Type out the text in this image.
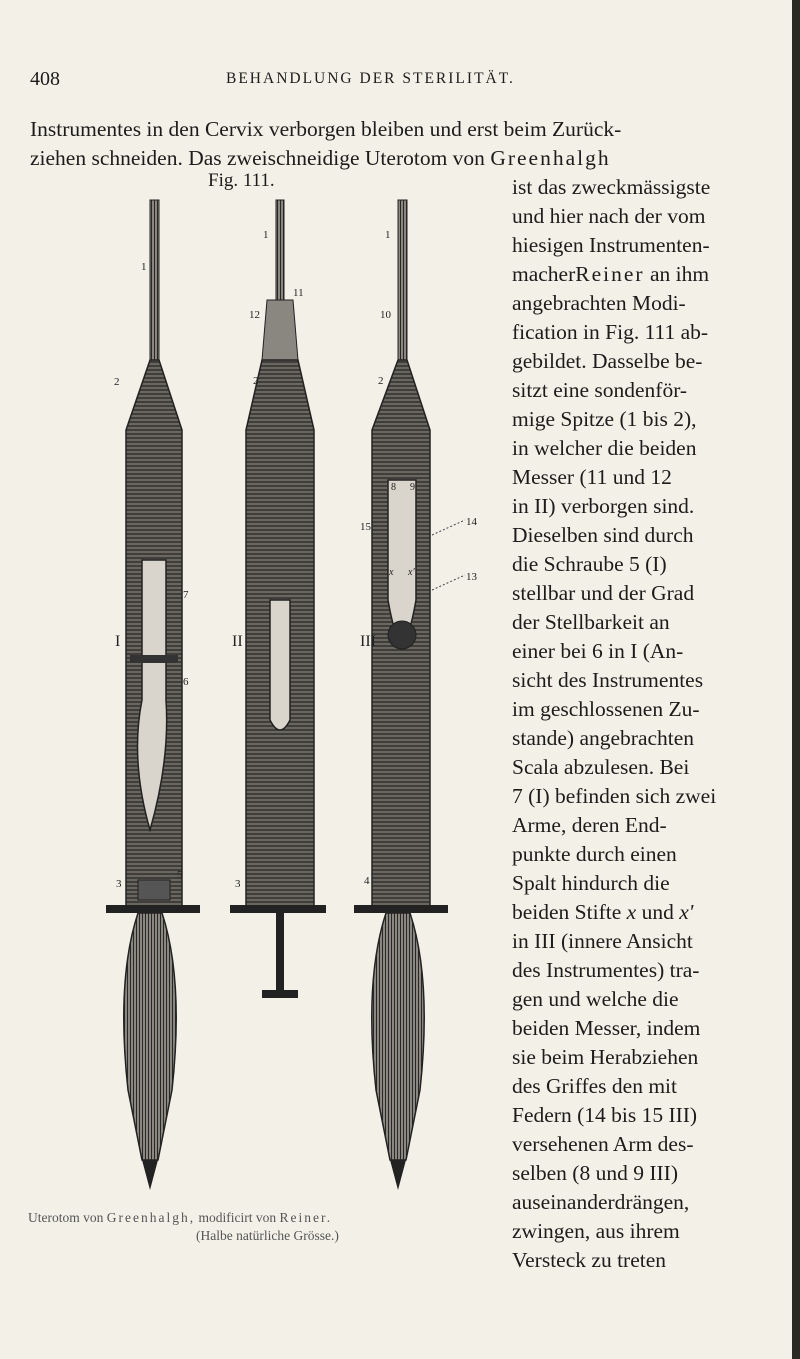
408	BEHANDLUNG DER STERILITÄT.
Instrumentes in den Cervix verborgen bleiben und erst beim Zurück-
ziehen schneiden. Das zweischneidige Uterotom von Greenhalgh
Fig. 111.	ist das zweckmässigste
und hier nach der vom
hiesigen Instrumenten-
macherReiner an ihm
angebrachten Modi-
fication in Fig. 111 ab-
gebildet. Dasselbe be-
sitzt eine sondenför-
mige Spitze (1 bis 2),
in welcher die beiden
Messer (11 und 12
in II) verborgen sind.
Dieselben sind durch
die Schraube 5 (I)
stellbar und der Grad
der Stellbarkeit an
einer bei 6 in I (An-
sicht des Instrumentes
im geschlossenen Zu-
stande) angebrachten
Scala abzulesen. Bei
7 (I) befinden sich zwei
Arme, deren End-
punkte durch einen
Spalt hindurch die
beiden Stifte x und x'
in III (innere Ansicht
des Instrumentes) tra-
gen und welche die
beiden Messer, indem
sie beim Herabziehen
des Griffes den mit
Federn (14 bis 15 III)
versehenen Arm des-
selben (8 und 9 III)
auseinanderdrängen,
zwingen, aus ihrem
Versteck zu treten
I	II	III
1
2
7
6
3
5
1
12
11
2
3
1
10
2
8 9
15	14
13
x x'
4
Uterotom von Greenhalgh, modificirt von Reiner.
(Halbe natürliche Grösse.)
